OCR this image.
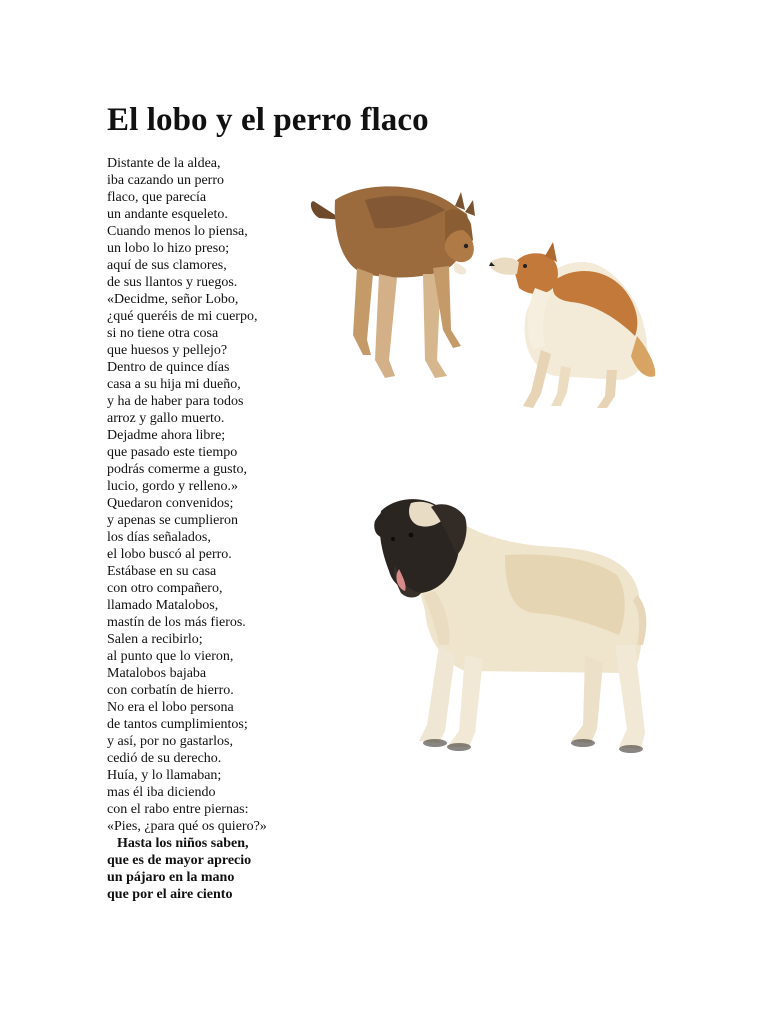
El lobo y el perro flaco
Distante de la aldea,
iba cazando un perro
flaco, que parecía
un andante esqueleto.
Cuando menos lo piensa,
un lobo lo hizo preso;
aquí de sus clamores,
de sus llantos y ruegos.
«Decidme, señor Lobo,
¿qué queréis de mi cuerpo,
si no tiene otra cosa
que huesos y pellejo?
Dentro de quince días
casa a su hija mi dueño,
y ha de haber para todos
arroz y gallo muerto.
Dejadme ahora libre;
que pasado este tiempo
podrás comerme a gusto,
lucio, gordo y relleno.»
Quedaron convenidos;
y apenas se cumplieron
los días señalados,
el lobo buscó al perro.
Estábase en su casa
con otro compañero,
llamado Matalobos,
mastín de los más fieros.
Salen a recibirlo;
al punto que lo vieron,
Matalobos bajaba
con corbatín de hierro.
No era el lobo persona
de tantos cumplimientos;
y así, por no gastarlos,
cedió de su derecho.
Huía, y lo llamaban;
mas él iba diciendo
con el rabo entre piernas:
«Pies, ¿para qué os quiero?»
Hasta los niños saben,
que es de mayor aprecio
un pájaro en la mano
que por el aire ciento
